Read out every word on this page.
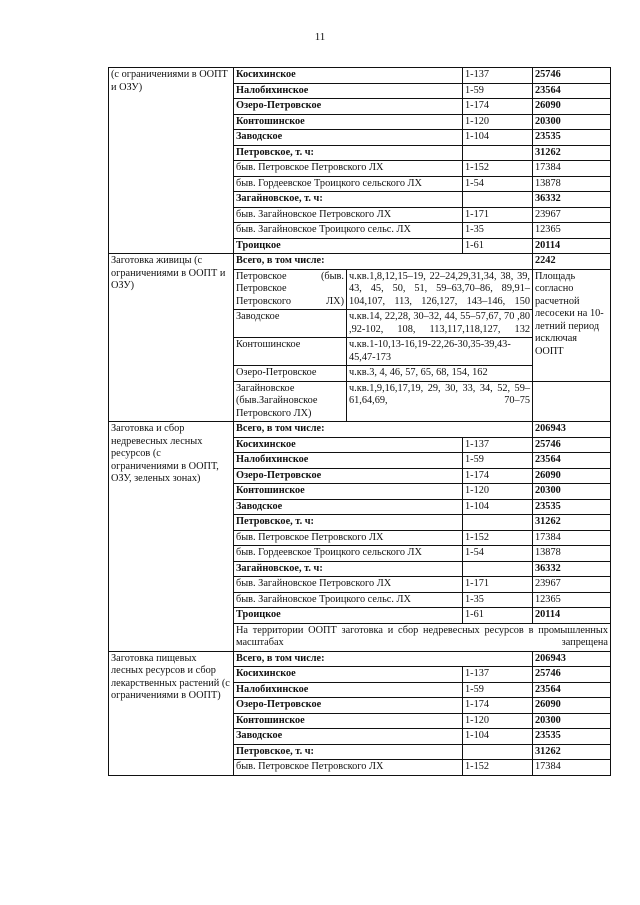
11
(с ограничениями в ООПТ и ОЗУ)	Косихинское		1-137	25746
	Налобихинское		1-59	23564
	Озеро-Петровское		1-174	26090
	Контошинское		1-120	20300
	Заводское		1-104	23535
	Петровское, т. ч:			31262
	быв. Петровское Петровского ЛХ		1-152	17384
	быв. Гордеевское Троицкого сельского ЛХ		1-54	13878
	Загайновское, т. ч:			36332
	быв. Загайновское Петровского ЛХ		1-171	23967
	быв. Загайновское Троицкого сельс. ЛХ		1-35	12365
	Троицкое		1-61	20114
Заготовка живицы (с ограничениями в ООПТ и ОЗУ)	Всего, в том числе:			2242
	Петровское (быв. Петровское Петровского ЛХ)	ч.кв.1,8,12,15–19, 22–24,29,31,34, 38, 39, 43, 45, 50, 51, 59–63,70–86, 89,91–104,107, 113, 126,127, 143–146, 150		Площадь согласно расчетной лесосеки на 10-летний период исключая ООПТ
	Заводское	ч.кв.14, 22,28, 30–32, 44, 55–57,67, 70 ,80 ,92-102, 108, 113,117,118,127, 132		
	Контошинское	ч.кв.1-10,13-16,19-22,26-30,35-39,43-45,47-173		
	Озеро-Петровское	ч.кв.3, 4, 46, 57, 65, 68, 154, 162		
	Загайновское (быв.Загайновское Петровского ЛХ)	ч.кв.1,9,16,17,19, 29, 30, 33, 34, 52, 59–61,64,69, 70–75		
Заготовка и сбор недревесных лесных ресурсов (с ограничениями в ООПТ, ОЗУ, зеленых зонах)	Всего, в том числе:			206943
	Косихинское		1-137	25746
	Налобихинское		1-59	23564
	Озеро-Петровское		1-174	26090
	Контошинское		1-120	20300
	Заводское		1-104	23535
	Петровское, т. ч:			31262
	быв. Петровское Петровского ЛХ		1-152	17384
	быв. Гордеевское Троицкого сельского ЛХ		1-54	13878
	Загайновское, т. ч:			36332
	быв. Загайновское Петровского ЛХ		1-171	23967
	быв. Загайновское Троицкого сельс. ЛХ		1-35	12365
	Троицкое		1-61	20114
	На территории ООПТ заготовка и сбор недревесных ресурсов в промышленных масштабах запрещена			
Заготовка пищевых лесных ресурсов и сбор лекарственных растений (с ограничениями в ООПТ)	Всего, в том числе:			206943
	Косихинское		1-137	25746
	Налобихинское		1-59	23564
	Озеро-Петровское		1-174	26090
	Контошинское		1-120	20300
	Заводское		1-104	23535
	Петровское, т. ч:			31262
	быв. Петровское Петровского ЛХ		1-152	17384
